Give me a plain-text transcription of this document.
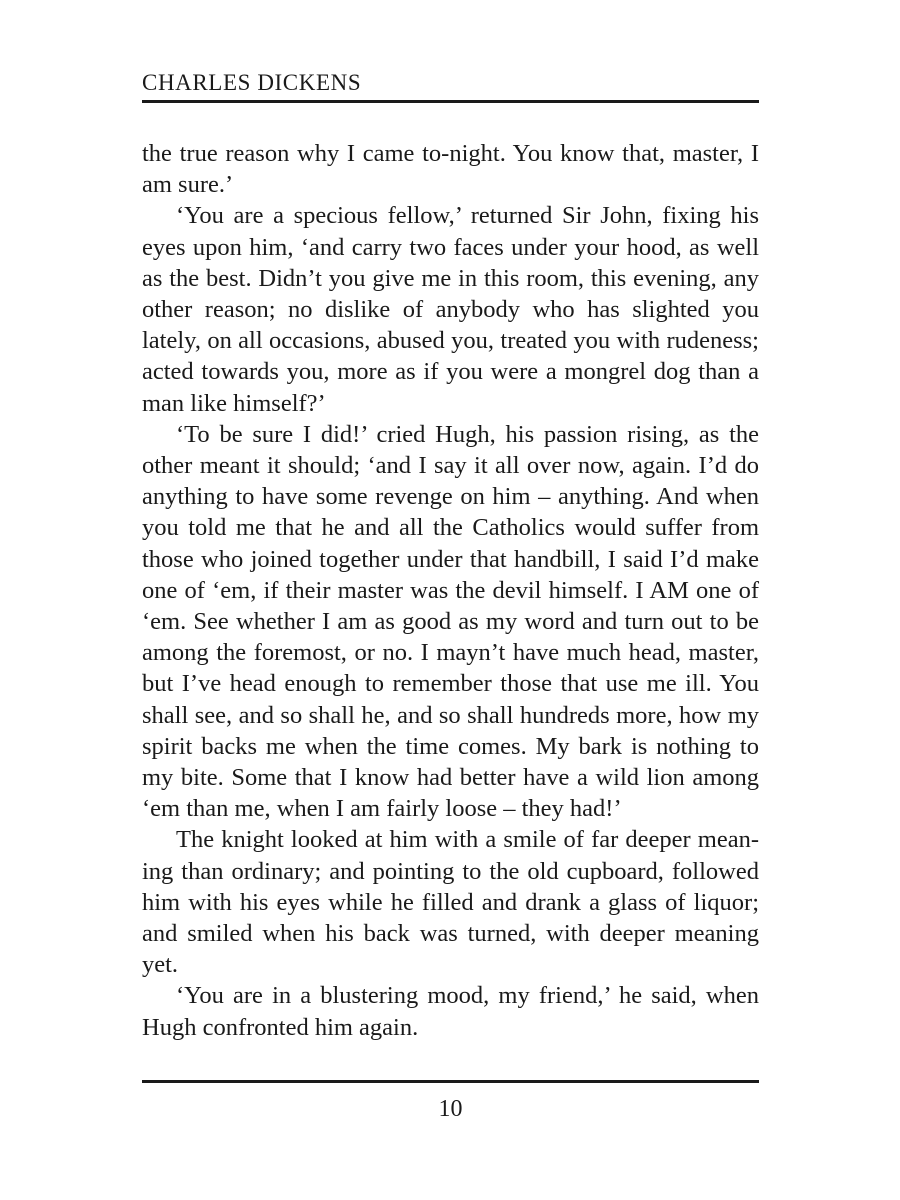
CHARLES DICKENS

the true reason why I came to-night. You know that, master, I am sure.’

‘You are a specious fellow,’ returned Sir John, fixing his eyes upon him, ‘and carry two faces under your hood, as well as the best. Didn’t you give me in this room, this evening, any other reason; no dislike of anybody who has slighted you lately, on all occasions, abused you, treated you with rudeness; acted towards you, more as if you were a mongrel dog than a man like himself?’

‘To be sure I did!’ cried Hugh, his passion rising, as the other meant it should; ‘and I say it all over now, again. I’d do anything to have some revenge on him – anything. And when you told me that he and all the Catholics would suffer from those who joined together under that handbill, I said I’d make one of ‘em, if their master was the devil himself. I AM one of ‘em. See whether I am as good as my word and turn out to be among the foremost, or no. I mayn’t have much head, master, but I’ve head enough to remember those that use me ill. You shall see, and so shall he, and so shall hundreds more, how my spirit backs me when the time comes. My bark is nothing to my bite. Some that I know had better have a wild lion among ‘em than me, when I am fairly loose – they had!’

The knight looked at him with a smile of far deeper meaning than ordinary; and pointing to the old cupboard, followed him with his eyes while he filled and drank a glass of liquor; and smiled when his back was turned, with deeper meaning yet.

‘You are in a blustering mood, my friend,’ he said, when Hugh confronted him again.

10
